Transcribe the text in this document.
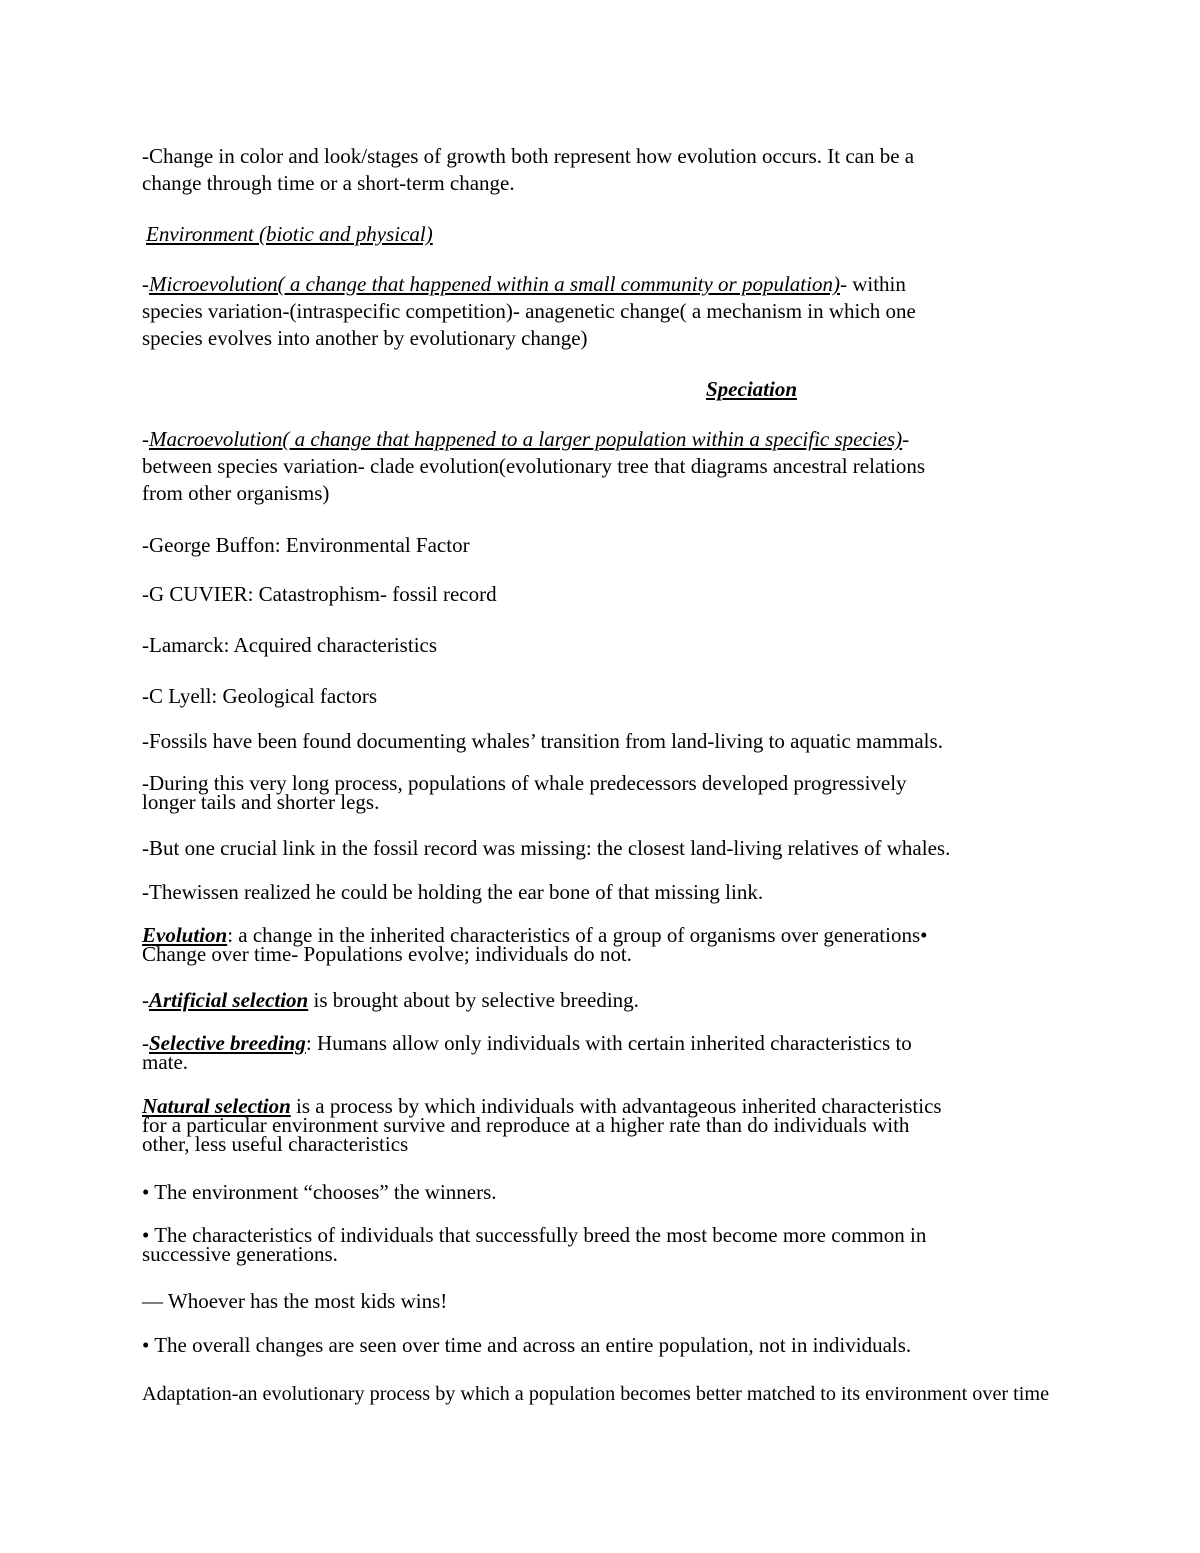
-Change in color and look/stages of growth both represent how evolution occurs. It can be a
change through time or a short-term change.

Environment (biotic and physical)

-Microevolution( a change that happened within a small community or population)- within
species variation-(intraspecific competition)- anagenetic change( a mechanism in which one
species evolves into another by evolutionary change)

Speciation

-Macroevolution( a change that happened to a larger population within a specific species)-
between species variation- clade evolution(evolutionary tree that diagrams ancestral relations
from other organisms)

-George Buffon: Environmental Factor

-G CUVIER: Catastrophism- fossil record

-Lamarck: Acquired characteristics

-C Lyell: Geological factors

-Fossils have been found documenting whales’ transition from land-living to aquatic mammals.

-During this very long process, populations of whale predecessors developed progressively
longer tails and shorter legs.

-But one crucial link in the fossil record was missing: the closest land-living relatives of whales.

-Thewissen realized he could be holding the ear bone of that missing link.

Evolution: a change in the inherited characteristics of a group of organisms over generations•
Change over time- Populations evolve; individuals do not.

-Artificial selection is brought about by selective breeding.

-Selective breeding: Humans allow only individuals with certain inherited characteristics to
mate.

Natural selection is a process by which individuals with advantageous inherited characteristics
for a particular environment survive and reproduce at a higher rate than do individuals with
other, less useful characteristics

• The environment “chooses” the winners.

• The characteristics of individuals that successfully breed the most become more common in
successive generations.

— Whoever has the most kids wins!

• The overall changes are seen over time and across an entire population, not in individuals.

Adaptation-an evolutionary process by which a population becomes better matched to its environment over time
